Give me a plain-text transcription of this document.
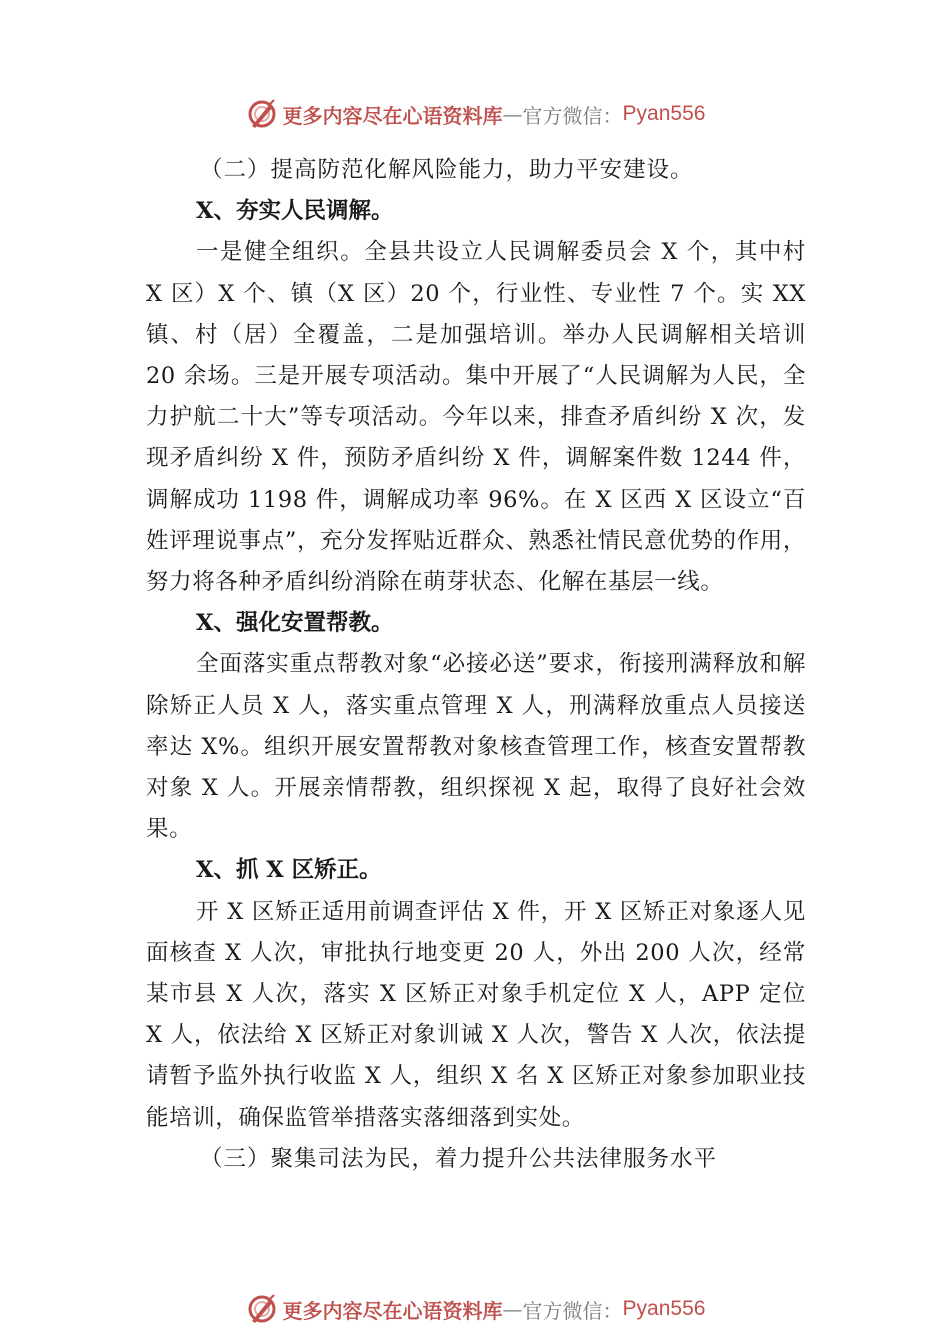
更多内容尽在心语资料库 — 官方微信： Pyan556

（二）提高防范化解风险能力，助力平安建设。

X、夯实人民调解。

一是健全组织。全县共设立人民调解委员会 X 个，其中村 X 区）X 个、镇（X 区）20 个，行业性、专业性 7 个。实 XX 镇、村（居）全覆盖，二是加强培训。举办人民调解相关培训 20 余场。三是开展专项活动。集中开展了“人民调解为人民，全力护航二十大”等专项活动。今年以来，排查矛盾纠纷 X 次，发现矛盾纠纷 X 件，预防矛盾纠纷 X 件，调解案件数 1244 件，调解成功 1198 件，调解成功率 96%。在 X 区西 X 区设立“百姓评理说事点”，充分发挥贴近群众、熟悉社情民意优势的作用，努力将各种矛盾纠纷消除在萌芽状态、化解在基层一线。

X、强化安置帮教。

全面落实重点帮教对象“必接必送”要求，衔接刑满释放和解除矫正人员 X 人，落实重点管理 X 人，刑满释放重点人员接送率达 X%。组织开展安置帮教对象核查管理工作，核查安置帮教对象 X 人。开展亲情帮教，组织探视 X 起，取得了良好社会效果。

X、抓 X 区矫正。

开 X 区矫正适用前调查评估 X 件，开 X 区矫正对象逐人见面核查 X 人次，审批执行地变更 20 人，外出 200 人次，经常某市县 X 人次，落实 X 区矫正对象手机定位 X 人，APP 定位 X 人，依法给 X 区矫正对象训诫 X 人次，警告 X 人次，依法提请暂予监外执行收监 X 人，组织 X 名 X 区矫正对象参加职业技能培训，确保监管举措落实落细落到实处。

（三）聚集司法为民，着力提升公共法律服务水平

更多内容尽在心语资料库 — 官方微信： Pyan556
